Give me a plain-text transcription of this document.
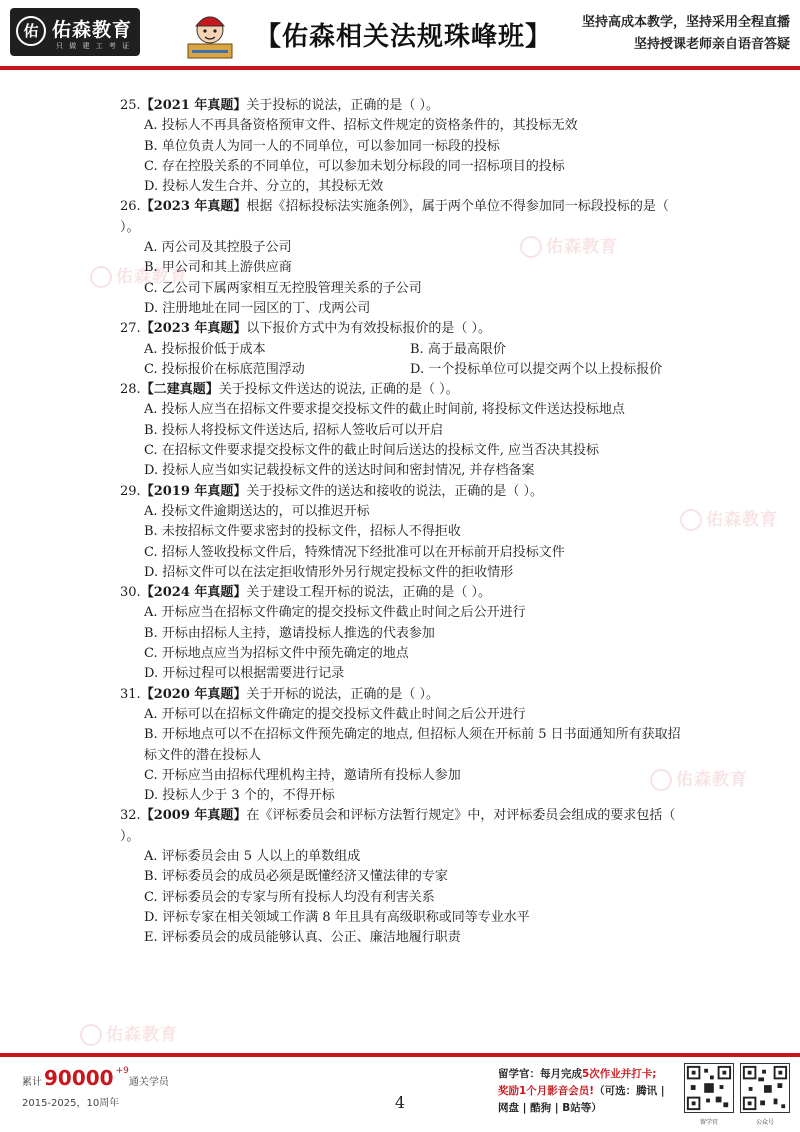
佑 佑森教育
只 做 建 工 考 证	【佑森相关法规珠峰班】 坚持高成本教学，坚持采用全程直播
坚持授课老师亲自语音答疑
佑森教育
佑森教育
佑森教育
佑森教育
佑森教育

25.【2021 年真题】关于投标的说法，正确的是（ ）。

A. 投标人不再具备资格预审文件、招标文件规定的资格条件的，其投标无效

B. 单位负责人为同一人的不同单位，可以参加同一标段的投标

C. 存在控股关系的不同单位，可以参加未划分标段的同一招标项目的投标

D. 投标人发生合并、分立的，其投标无效

26.【2023 年真题】根据《招标投标法实施条例》，属于两个单位不得参加同一标段投标的是（ ）。

A. 丙公司及其控股子公司

B. 甲公司和其上游供应商

C. 乙公司下属两家相互无控股管理关系的子公司

D. 注册地址在同一园区的丁、戊两公司

27.【2023 年真题】以下报价方式中为有效投标报价的是（ ）。

A. 投标报价低于成本	B. 高于最高限价

C. 投标报价在标底范围浮动	D. 一个投标单位可以提交两个以上投标报价

28.【二建真题】关于投标文件送达的说法, 正确的是（ ）。

A. 投标人应当在招标文件要求提交投标文件的截止时间前, 将投标文件送达投标地点

B. 投标人将投标文件送达后, 招标人签收后可以开启

C. 在招标文件要求提交投标文件的截止时间后送达的投标文件, 应当否决其投标

D. 投标人应当如实记载投标文件的送达时间和密封情况, 并存档备案

29.【2019 年真题】关于投标文件的送达和接收的说法，正确的是（ ）。

A. 投标文件逾期送达的，可以推迟开标

B. 未按招标文件要求密封的投标文件，招标人不得拒收

C. 招标人签收投标文件后，特殊情况下经批准可以在开标前开启投标文件

D. 招标文件可以在法定拒收情形外另行规定投标文件的拒收情形

30.【2024 年真题】关于建设工程开标的说法，正确的是（ ）。

A. 开标应当在招标文件确定的提交投标文件截止时间之后公开进行

B. 开标由招标人主持，邀请投标人推选的代表参加

C. 开标地点应当为招标文件中预先确定的地点

D. 开标过程可以根据需要进行记录

31.【2020 年真题】关于开标的说法，正确的是（ ）。

A. 开标可以在招标文件确定的提交投标文件截止时间之后公开进行

B. 开标地点可以不在招标文件预先确定的地点, 但招标人须在开标前 5 日书面通知所有获取招标文件的潜在投标人

C. 开标应当由招标代理机构主持，邀请所有投标人参加

D. 投标人少于 3 个的，不得开标

32.【2009 年真题】在《评标委员会和评标方法暂行规定》中，对评标委员会组成的要求包括（ ）。

A. 评标委员会由 5 人以上的单数组成

B. 评标委员会的成员必须是既懂经济又懂法律的专家

C. 评标委员会的专家与所有投标人均没有利害关系

D. 评标专家在相关领域工作满 8 年且具有高级职称或同等专业水平

E. 评标委员会的成员能够认真、公正、廉洁地履行职责

累计 90000 +9通关学员
2015-2025，10周年	4
留学官：每月完成5次作业并打卡;
奖励1个月影音会员!（可选：腾讯 |
网盘 | 酷狗 | B站等）
留学官	公众号
